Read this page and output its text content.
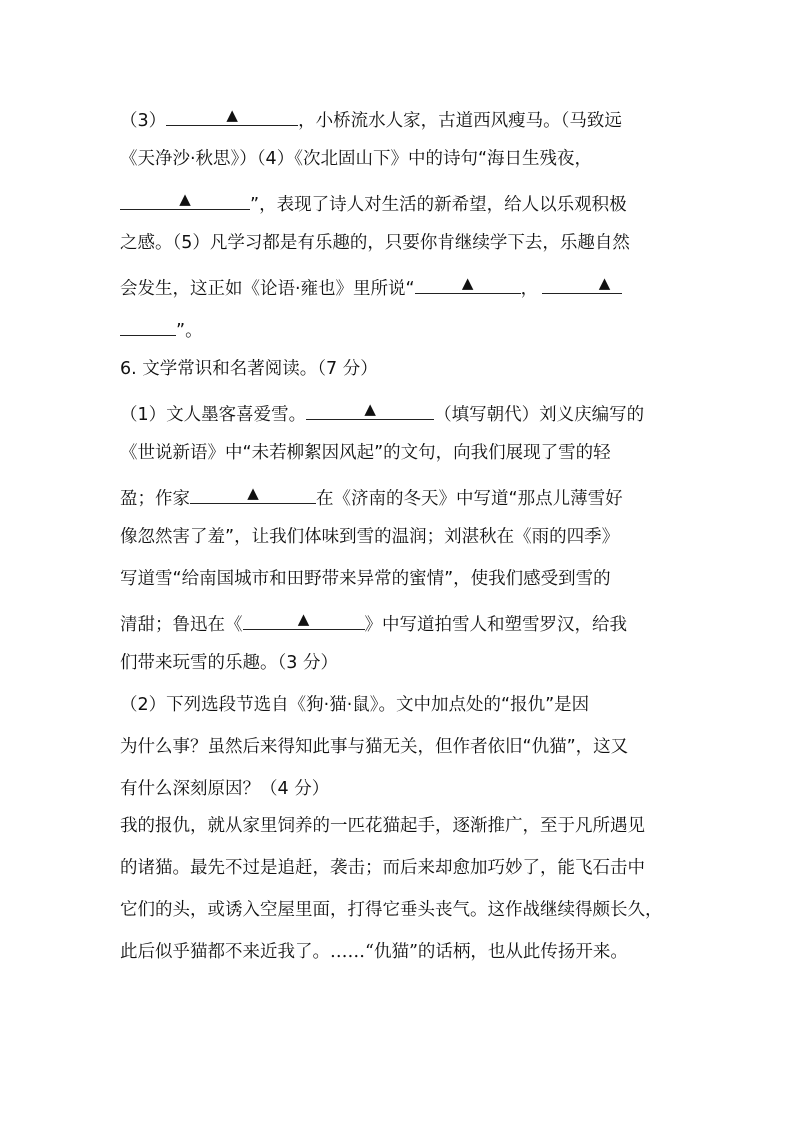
（3）	▲	，小桥流水人家，古道西风瘦马。（马致远
《天净沙·秋思》）（4）《次北固山下》中的诗句“海日生残夜，
▲	”，表现了诗人对生活的新希望，给人以乐观积极
之感。（5）凡学习都是有乐趣的，只要你肯继续学下去，乐趣自然
会发生，这正如《论语·雍也》里所说“	▲	，	▲
”。
6. 文学常识和名著阅读。（7 分）
（1）文人墨客喜爱雪。	▲	（填写朝代）刘义庆编写的
《世说新语》中“未若柳絮因风起”的文句，向我们展现了雪的轻
盈；作家	▲	在《济南的冬天》中写道“那点儿薄雪好
像忽然害了羞”，让我们体味到雪的温润；刘湛秋在《雨的四季》
写道雪“给南国城市和田野带来异常的蜜情”，使我们感受到雪的
清甜；鲁迅在《	▲	》中写道拍雪人和塑雪罗汉，给我
们带来玩雪的乐趣。（3 分）
（2）下列选段节选自《狗·猫·鼠》。文中加点处的“报仇”是因
为什么事？虽然后来得知此事与猫无关，但作者依旧“仇猫”，这又
有什么深刻原因？（4 分）
我的报仇，就从家里饲养的一匹花猫起手，逐渐推广，至于凡所遇见
的诸猫。最先不过是追赶，袭击；而后来却愈加巧妙了，能飞石击中
它们的头，或诱入空屋里面，打得它垂头丧气。这作战继续得颇长久，
此后似乎猫都不来近我了。……“仇猫”的话柄，也从此传扬开来。
